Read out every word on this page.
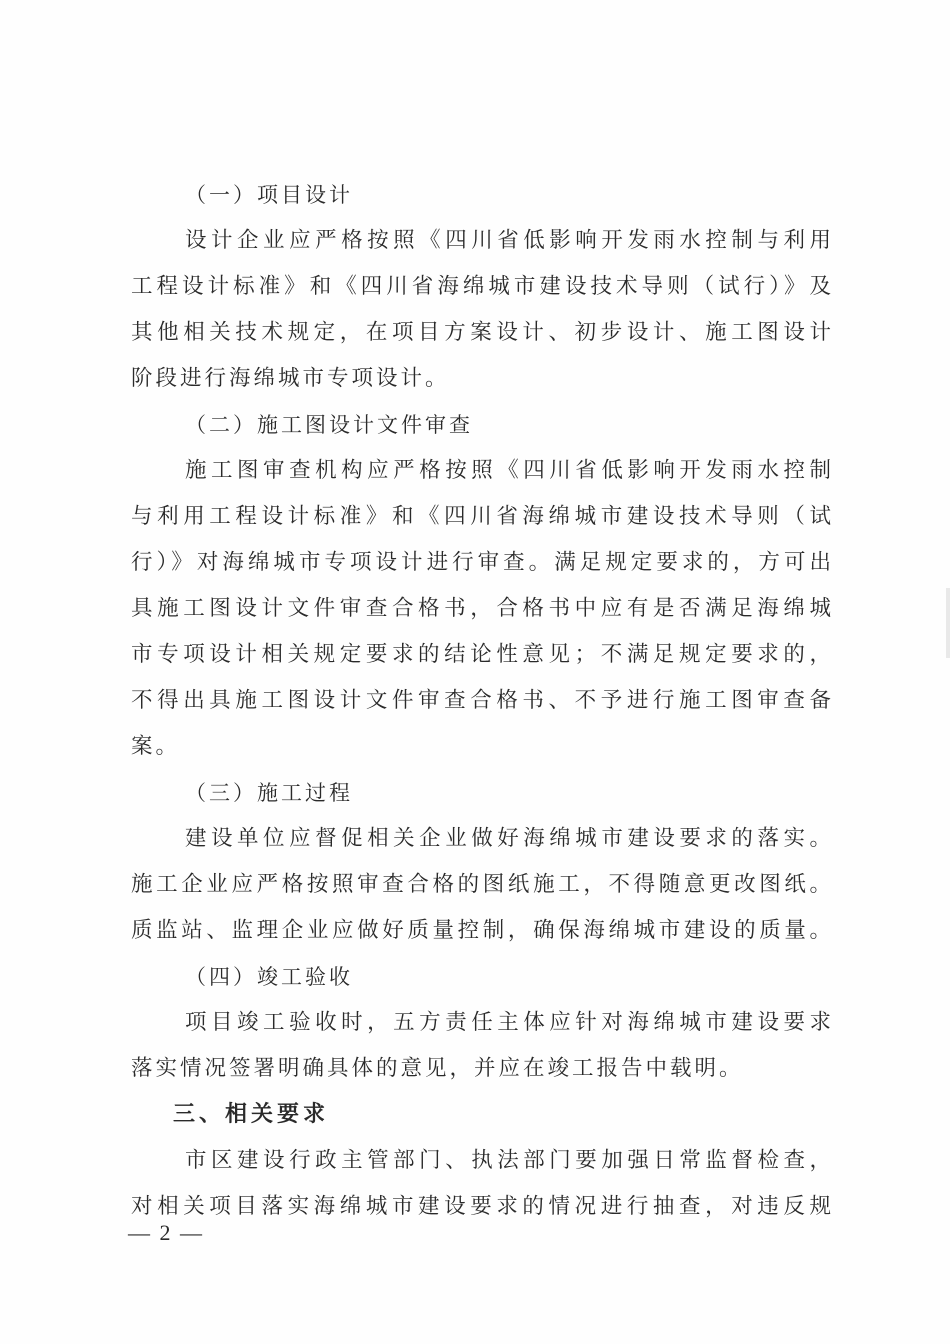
（一）项目设计
设计企业应严格按照《四川省低影响开发雨水控制与利用
工程设计标准》和《四川省海绵城市建设技术导则（试行）》及
其他相关技术规定，在项目方案设计、初步设计、施工图设计
阶段进行海绵城市专项设计。
（二）施工图设计文件审查
施工图审查机构应严格按照《四川省低影响开发雨水控制
与利用工程设计标准》和《四川省海绵城市建设技术导则（试
行）》对海绵城市专项设计进行审查。满足规定要求的，方可出
具施工图设计文件审查合格书，合格书中应有是否满足海绵城
市专项设计相关规定要求的结论性意见；不满足规定要求的，
不得出具施工图设计文件审查合格书、不予进行施工图审查备
案。
（三）施工过程
建设单位应督促相关企业做好海绵城市建设要求的落实。
施工企业应严格按照审查合格的图纸施工，不得随意更改图纸。
质监站、监理企业应做好质量控制，确保海绵城市建设的质量。
（四）竣工验收
项目竣工验收时，五方责任主体应针对海绵城市建设要求
落实情况签署明确具体的意见，并应在竣工报告中载明。
三、相关要求
市区建设行政主管部门、执法部门要加强日常监督检查，
对相关项目落实海绵城市建设要求的情况进行抽查，对违反规
— 2 —
